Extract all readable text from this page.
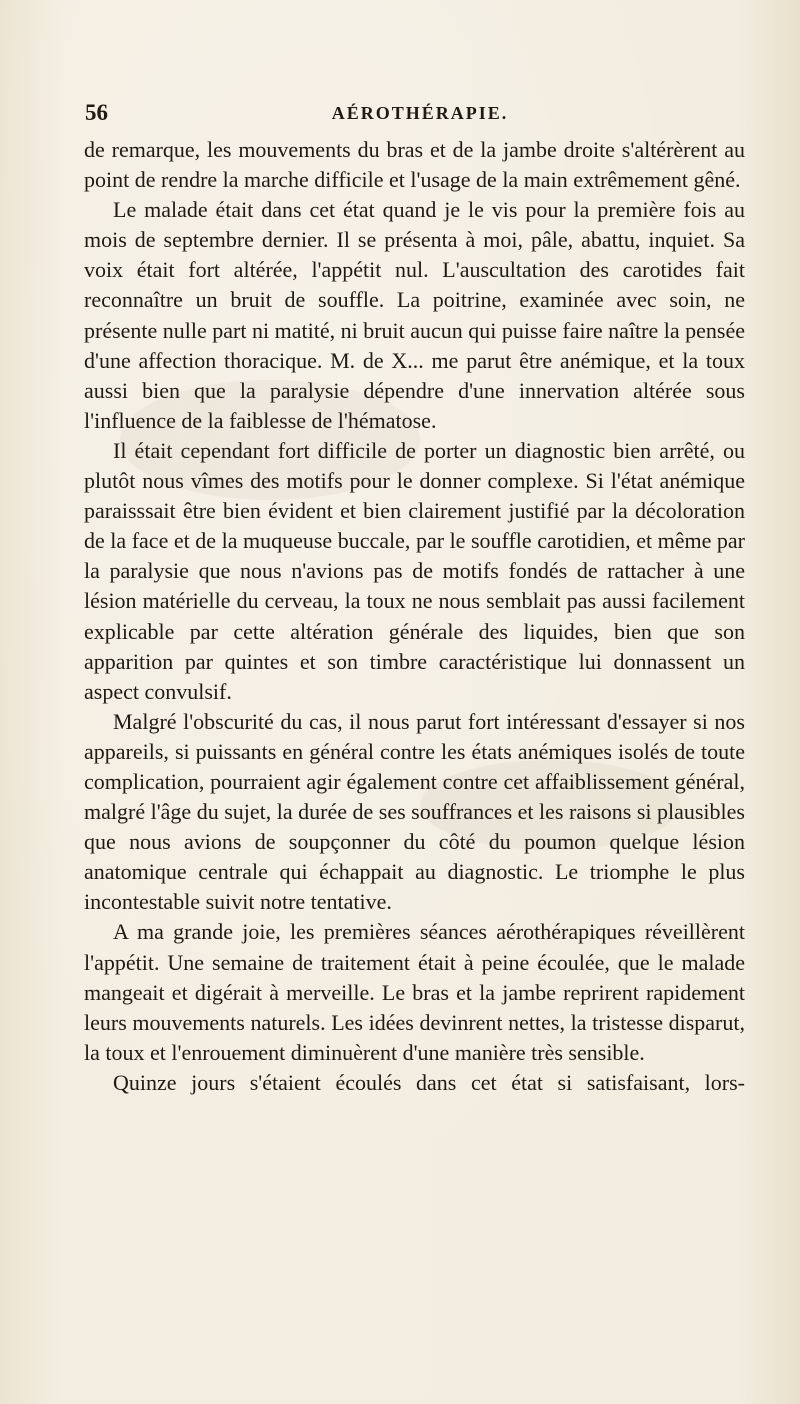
56	AÉROTHÉRAPIE.

de remarque, les mouvements du bras et de la jambe droite s'altérèrent au point de rendre la marche difficile et l'usage de la main extrêmement gêné.

Le malade était dans cet état quand je le vis pour la première fois au mois de septembre dernier. Il se présenta à moi, pâle, abattu, inquiet. Sa voix était fort altérée, l'appétit nul. L'auscultation des carotides fait reconnaître un bruit de souffle. La poitrine, examinée avec soin, ne présente nulle part ni matité, ni bruit aucun qui puisse faire naître la pensée d'une affection thoracique. M. de X... me parut être anémique, et la toux aussi bien que la paralysie dépendre d'une innervation altérée sous l'influence de la faiblesse de l'hématose.

Il était cependant fort difficile de porter un diagnostic bien arrêté, ou plutôt nous vîmes des motifs pour le donner complexe. Si l'état anémique paraisssait être bien évident et bien clairement justifié par la décoloration de la face et de la muqueuse buccale, par le souffle carotidien, et même par la paralysie que nous n'avions pas de motifs fondés de rattacher à une lésion matérielle du cerveau, la toux ne nous semblait pas aussi facilement explicable par cette altération générale des liquides, bien que son apparition par quintes et son timbre caractéristique lui donnassent un aspect convulsif.

Malgré l'obscurité du cas, il nous parut fort intéressant d'essayer si nos appareils, si puissants en général contre les états anémiques isolés de toute complication, pourraient agir également contre cet affaiblissement général, malgré l'âge du sujet, la durée de ses souffrances et les raisons si plausibles que nous avions de soupçonner du côté du poumon quelque lésion anatomique centrale qui échappait au diagnostic. Le triomphe le plus incontestable suivit notre tentative.

A ma grande joie, les premières séances aérothérapiques réveillèrent l'appétit. Une semaine de traitement était à peine écoulée, que le malade mangeait et digérait à merveille. Le bras et la jambe reprirent rapidement leurs mouvements naturels. Les idées devinrent nettes, la tristesse disparut, la toux et l'enrouement diminuèrent d'une manière très sensible.

Quinze jours s'étaient écoulés dans cet état si satisfaisant, lors-
